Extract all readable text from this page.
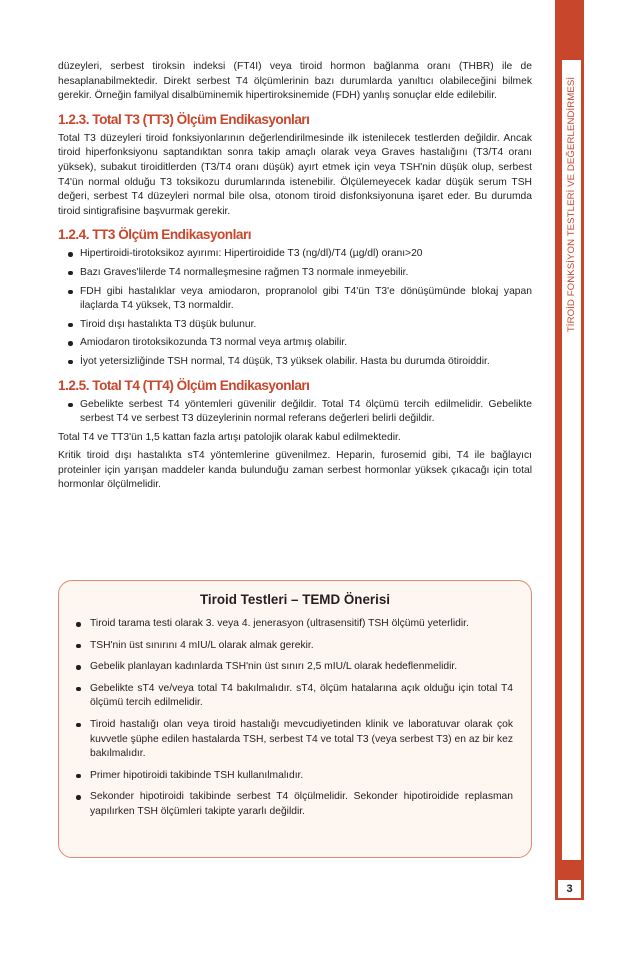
düzeyleri, serbest tiroksin indeksi (FT4I) veya tiroid hormon bağlanma oranı (THBR) ile de hesaplanabilmektedir. Direkt serbest T4 ölçümlerinin bazı durumlarda yanıltıcı olabileceğini bilmek gerekir. Örneğin familyal disalbüminemik hipertiroksinemide (FDH) yanlış sonuçlar elde edilebilir.

1.2.3. Total T3 (TT3) Ölçüm Endikasyonları

Total T3 düzeyleri tiroid fonksiyonlarının değerlendirilmesinde ilk istenilecek testlerden değildir. Ancak tiroid hiperfonksiyonu saptandıktan sonra takip amaçlı olarak veya Graves hastalığını (T3/T4 oranı yüksek), subakut tiroiditlerden (T3/T4 oranı düşük) ayırt etmek için veya TSH'nin düşük olup, serbest T4'ün normal olduğu T3 toksikozu durumlarında istenebilir. Ölçülemeyecek kadar düşük serum TSH değeri, serbest T4 düzeyleri normal bile olsa, otonom tiroid disfonksiyonuna işaret eder. Bu durumda tiroid sintigrafisine başvurmak gerekir.

1.2.4. TT3 Ölçüm Endikasyonları
Hipertiroidi-tirotoksikoz ayırımı: Hipertiroidide T3 (ng/dl)/T4 (µg/dl) oranı>20
Bazı Graves'lilerde T4 normalleşmesine rağmen T3 normale inmeyebilir.
FDH gibi hastalıklar veya amiodaron, propranolol gibi T4'ün T3'e dönüşümünde blokaj yapan ilaçlarda T4 yüksek, T3 normaldir.
Tiroid dışı hastalıkta T3 düşük bulunur.
Amiodaron tirotoksikozunda T3 normal veya artmış olabilir.
İyot yetersizliğinde TSH normal, T4 düşük, T3 yüksek olabilir. Hasta bu durumda ötiroiddir.
1.2.5. Total T4 (TT4) Ölçüm Endikasyonları
Gebelikte serbest T4 yöntemleri güvenilir değildir. Total T4 ölçümü tercih edilmelidir. Gebelikte serbest T4 ve serbest T3 düzeylerinin normal referans değerleri belirli değildir.

Total T4 ve TT3'ün 1,5 kattan fazla artışı patolojik olarak kabul edilmektedir.

Kritik tiroid dışı hastalıkta sT4 yöntemlerine güvenilmez. Heparin, furosemid gibi, T4 ile bağlayıcı proteinler için yarışan maddeler kanda bulunduğu zaman serbest hormonlar yüksek çıkacağı için total hormonlar ölçülmelidir.

Tiroid Testleri – TEMD Önerisi
Tiroid tarama testi olarak 3. veya 4. jenerasyon (ultrasensitif) TSH ölçümü yeterlidir.
TSH'nin üst sınırını 4 mIU/L olarak almak gerekir.
Gebelik planlayan kadınlarda TSH'nin üst sınırı 2,5 mIU/L olarak hedeflenmelidir.
Gebelikte sT4 ve/veya total T4 bakılmalıdır. sT4, ölçüm hatalarına açık olduğu için total T4 ölçümü tercih edilmelidir.
Tiroid hastalığı olan veya tiroid hastalığı mevcudiyetinden klinik ve laboratuvar olarak çok kuvvetle şüphe edilen hastalarda TSH, serbest T4 ve total T3 (veya serbest T3) en az bir kez bakılmalıdır.
Primer hipotiroidi takibinde TSH kullanılmalıdır.
Sekonder hipotiroidi takibinde serbest T4 ölçülmelidir. Sekonder hipotiroidide replasman yapılırken TSH ölçümleri takipte yararlı değildir.
TİROİD FONKSİYON TESTLERİ VE DEĞERLENDİRMESİ
3
